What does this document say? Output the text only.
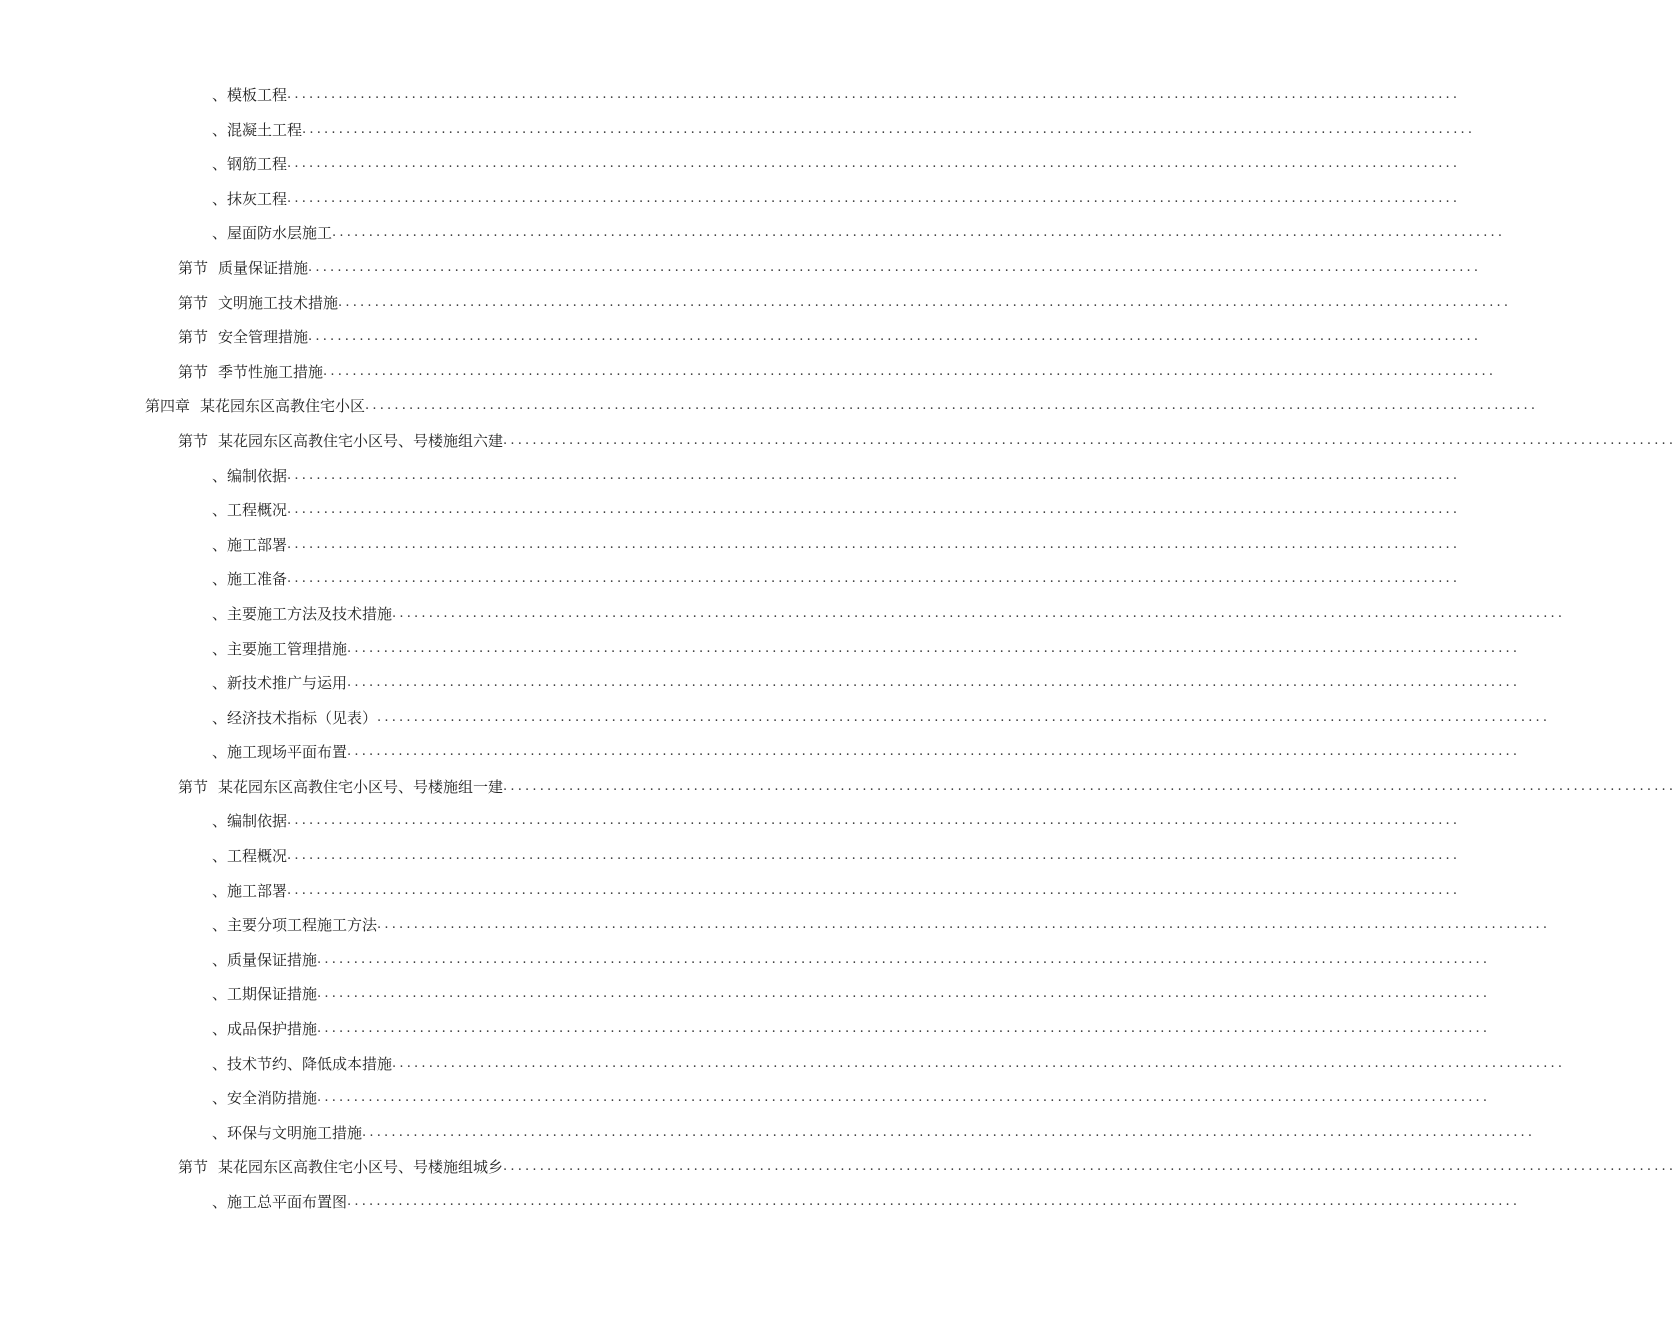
、 模板工程 ................................................................................................................................................................
、 混凝土工程 ................................................................................................................................................................
、 钢筋工程 ................................................................................................................................................................
、 抹灰工程 ................................................................................................................................................................
、 屋面防水层施工 ................................................................................................................................................................
第节 质量保证措施 ................................................................................................................................................................
第节 文明施工技术措施 ................................................................................................................................................................
第节 安全管理措施 ................................................................................................................................................................
第节 季节性施工措施 ................................................................................................................................................................
第四章 某花园东区高教住宅小区 ................................................................................................................................................................
第节 某花园东区高教住宅小区号、号楼施组六建 ................................................................................................................................................................
、 编制依据 ................................................................................................................................................................
、 工程概况 ................................................................................................................................................................
、 施工部署 ................................................................................................................................................................
、 施工准备 ................................................................................................................................................................
、 主要施工方法及技术措施 ................................................................................................................................................................
、 主要施工管理措施 ................................................................................................................................................................
、 新技术推广与运用 ................................................................................................................................................................
、 经济技术指标（见表） ................................................................................................................................................................
、 施工现场平面布置 ................................................................................................................................................................
第节 某花园东区高教住宅小区号、号楼施组一建 ................................................................................................................................................................
、 编制依据 ................................................................................................................................................................
、 工程概况 ................................................................................................................................................................
、 施工部署 ................................................................................................................................................................
、 主要分项工程施工方法 ................................................................................................................................................................
、 质量保证措施 ................................................................................................................................................................
、 工期保证措施 ................................................................................................................................................................
、 成品保护措施 ................................................................................................................................................................
、 技术节约、降低成本措施 ................................................................................................................................................................
、 安全消防措施 ................................................................................................................................................................
、 环保与文明施工措施 ................................................................................................................................................................
第节 某花园东区高教住宅小区号、号楼施组城乡 ................................................................................................................................................................
、 施工总平面布置图 ................................................................................................................................................................
